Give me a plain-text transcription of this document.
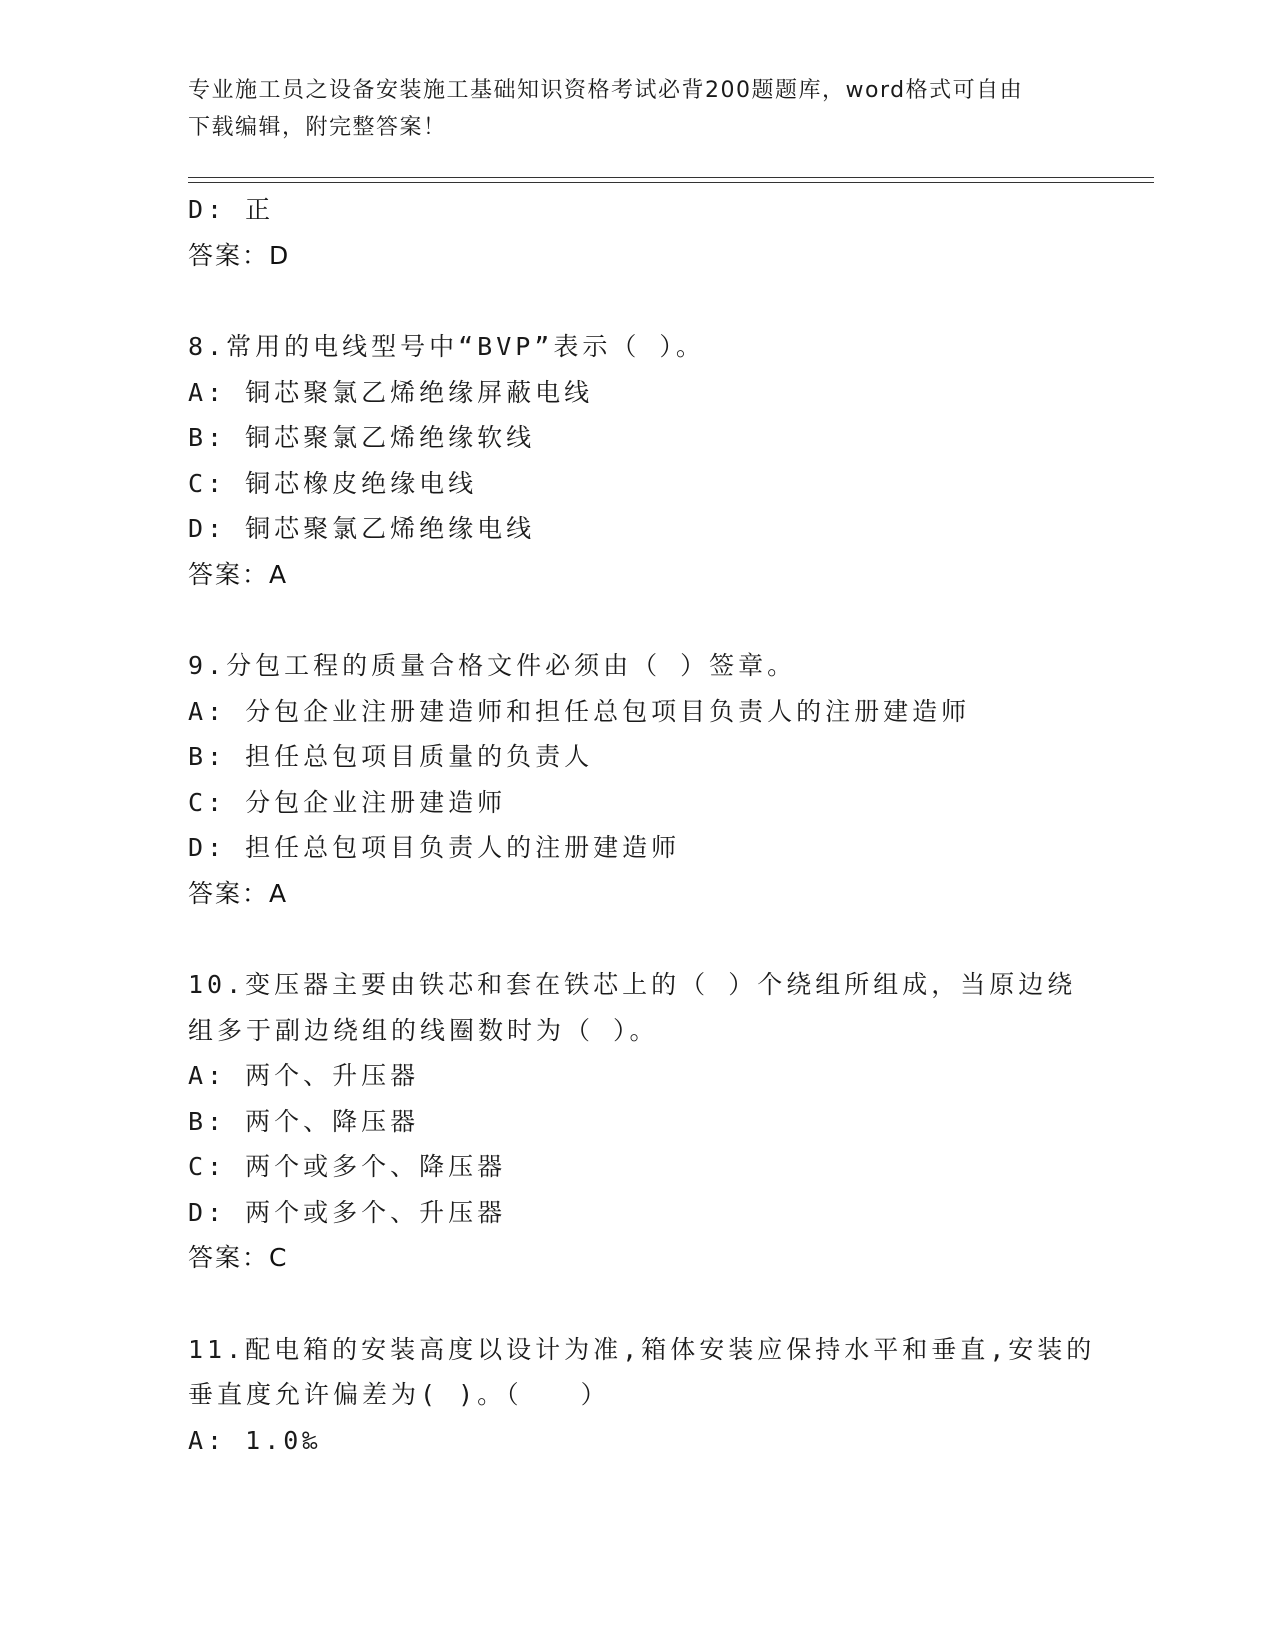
专业施工员之设备安装施工基础知识资格考试必背200题题库，word格式可自由
下载编辑，附完整答案！
D: 正
答案：D
8.常用的电线型号中“BVP”表示（ ）。
A: 铜芯聚氯乙烯绝缘屏蔽电线
B: 铜芯聚氯乙烯绝缘软线
C: 铜芯橡皮绝缘电线
D: 铜芯聚氯乙烯绝缘电线
答案：A
9.分包工程的质量合格文件必须由（ ）签章。
A: 分包企业注册建造师和担任总包项目负责人的注册建造师
B: 担任总包项目质量的负责人
C: 分包企业注册建造师
D: 担任总包项目负责人的注册建造师
答案：A
10.变压器主要由铁芯和套在铁芯上的（ ）个绕组所组成，当原边绕
组多于副边绕组的线圈数时为（ ）。
A: 两个、升压器
B: 两个、降压器
C: 两个或多个、降压器
D: 两个或多个、升压器
答案：C
11.配电箱的安装高度以设计为准,箱体安装应保持水平和垂直,安装的
垂直度允许偏差为( )。（　　）
A: 1.0‰
